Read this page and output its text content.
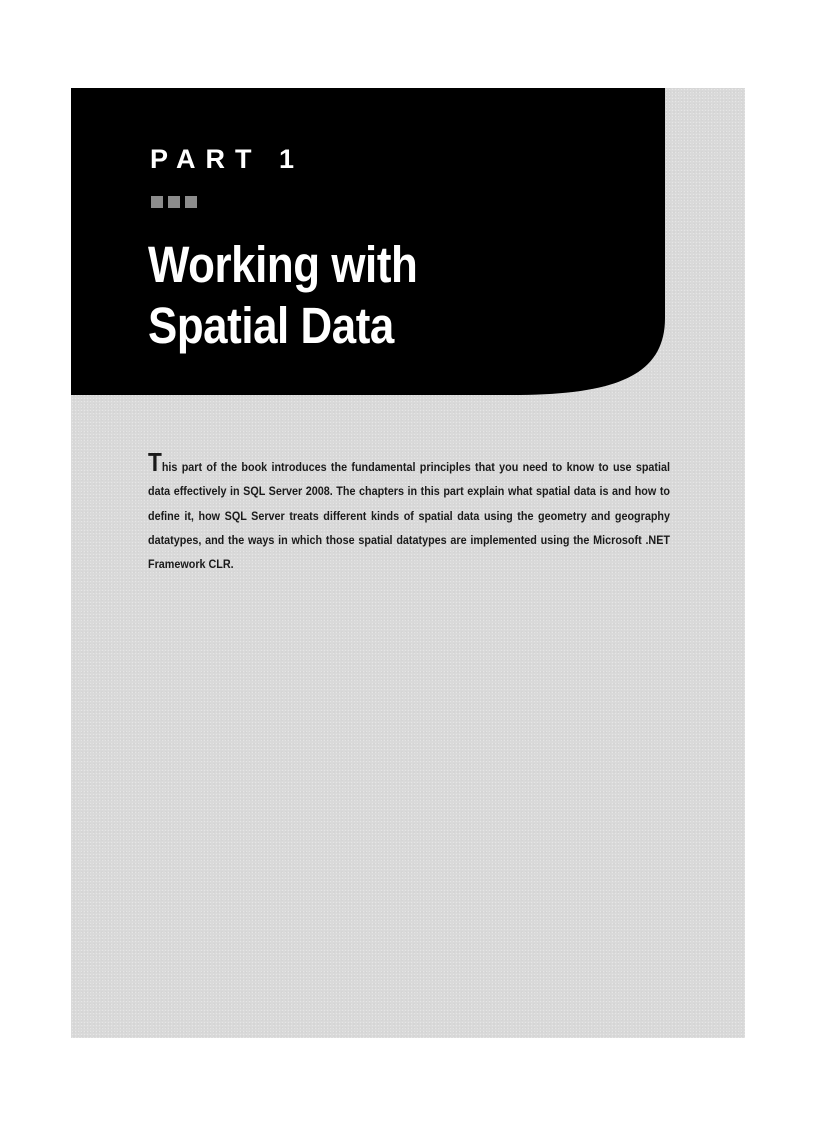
PART 1
Working with
Spatial Data
This part of the book introduces the fundamental principles that you need to know to use spatial data effectively in SQL Server 2008. The chapters in this part explain what spatial data is and how to define it, how SQL Server treats different kinds of spatial data using the geometry and geography datatypes, and the ways in which those spatial datatypes are implemented using the Microsoft .NET Framework CLR.
